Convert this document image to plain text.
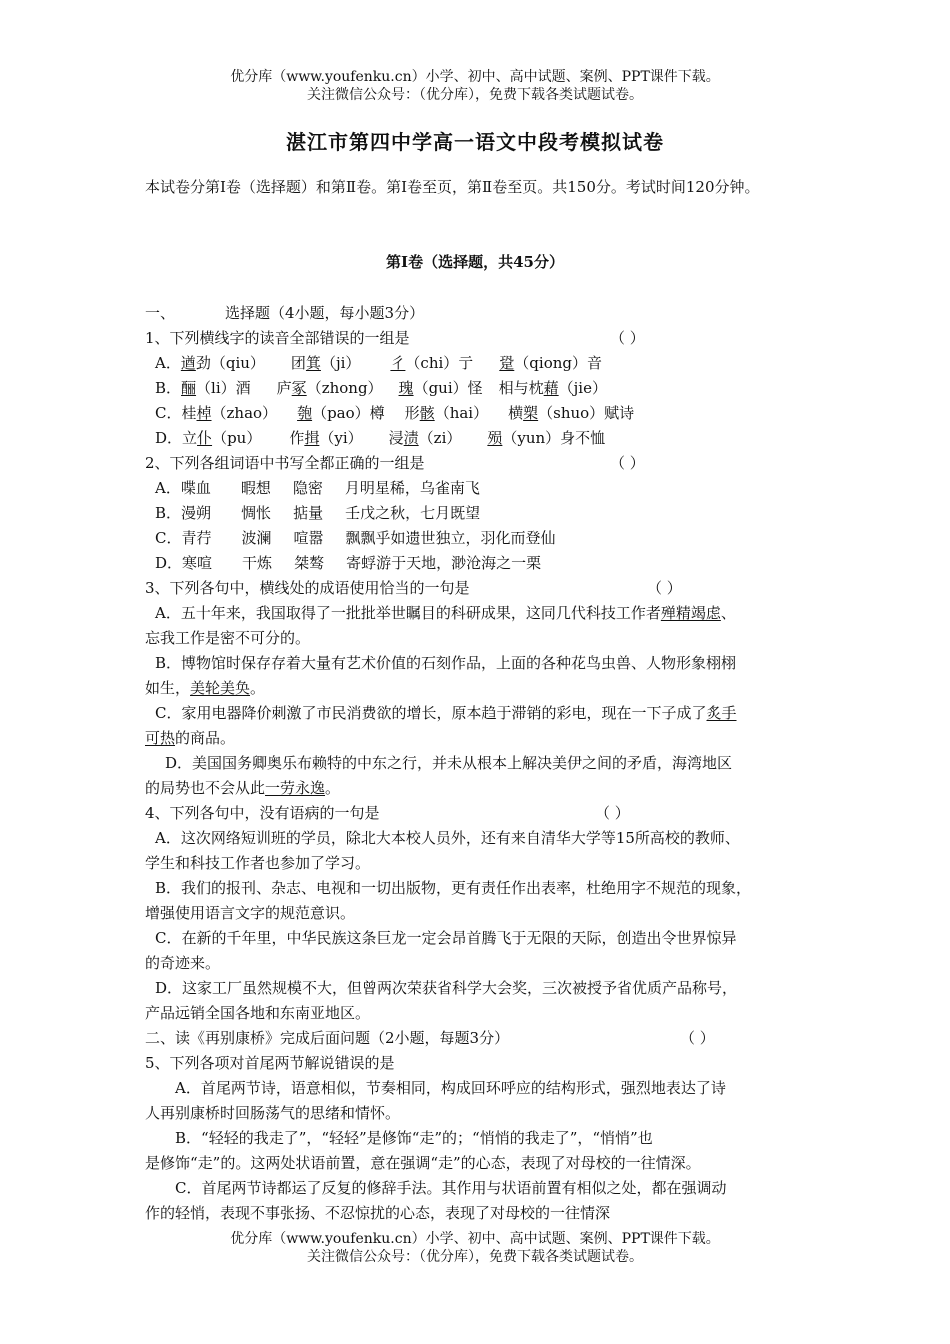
优分库（www.youfenku.cn）小学、初中、高中试题、案例、PPT课件下载。
关注微信公众号：（优分库），免费下载各类试题试卷。
湛江市第四中学高一语文中段考模拟试卷
本试卷分第Ⅰ卷（选择题）和第Ⅱ卷。第Ⅰ卷至页，第Ⅱ卷至页。共150分。考试时间120分钟。
第Ⅰ卷（选择题，共45分）

一、	选择题（4小题，每小题3分）

1、下列横线字的读音全部错误的一组是	（ ）

A．遒劲（qiu） 团箕（ji） 彳（chi）亍 跫（qiong）音

B．酾（li）酒 庐冢（zhong） 瑰（gui）怪 相与枕藉（jie）

C．桂棹（zhao） 匏（pao）樽 形骸（hai） 横槊（shuo）赋诗

D．立仆（pu） 作揖（yi） 浸渍（zi） 殒（yun）身不恤

2、下列各组词语中书写全都正确的一组是	（ ）

A．喋血 暇想 隐密 月明星稀，乌雀南飞

B．漫朔 惆怅 掂量 壬戊之秋，七月既望

C．青荇 波澜 喧嚣 飘飘乎如遗世独立，羽化而登仙

D．寒喧 干炼 桀骜 寄蜉游于天地，渺沧海之一栗

3、下列各句中，横线处的成语使用恰当的一句是	（ ）

A．五十年来，我国取得了一批批举世瞩目的科研成果，这同几代科技工作者殚精竭虑、

忘我工作是密不可分的。

B．博物馆时保存存着大量有艺术价值的石刻作品，上面的各种花鸟虫兽、人物形象栩栩

如生，美轮美奂。

C．家用电器降价刺激了市民消费欲的增长，原本趋于滞销的彩电，现在一下子成了炙手

可热的商品。

D．美国国务卿奥乐布赖特的中东之行，并未从根本上解决美伊之间的矛盾，海湾地区

的局势也不会从此一劳永逸。

4、下列各句中，没有语病的一句是	（ ）

A．这次网络短训班的学员，除北大本校人员外，还有来自清华大学等15所高校的教师、

学生和科技工作者也参加了学习。

B．我们的报刊、杂志、电视和一切出版物，更有责任作出表率，杜绝用字不规范的现象，

增强使用语言文字的规范意识。

C．在新的千年里，中华民族这条巨龙一定会昂首腾飞于无限的天际，创造出令世界惊异

的奇迹来。

D．这家工厂虽然规模不大，但曾两次荣获省科学大会奖，三次被授予省优质产品称号，

产品远销全国各地和东南亚地区。

二、读《再别康桥》完成后面问题（2小题，每题3分）	（ ）

5、下列各项对首尾两节解说错误的是

A．首尾两节诗，语意相似，节奏相同，构成回环呼应的结构形式，强烈地表达了诗

人再别康桥时回肠荡气的思绪和情怀。

B．“轻轻的我走了”，“轻轻”是修饰“走”的；“悄悄的我走了”，“悄悄”也

是修饰“走”的。这两处状语前置，意在强调“走”的心态，表现了对母校的一往情深。

C．首尾两节诗都运了反复的修辞手法。其作用与状语前置有相似之处，都在强调动

作的轻悄，表现不事张扬、不忍惊扰的心态，表现了对母校的一往情深

优分库（www.youfenku.cn）小学、初中、高中试题、案例、PPT课件下载。
关注微信公众号：（优分库），免费下载各类试题试卷。
